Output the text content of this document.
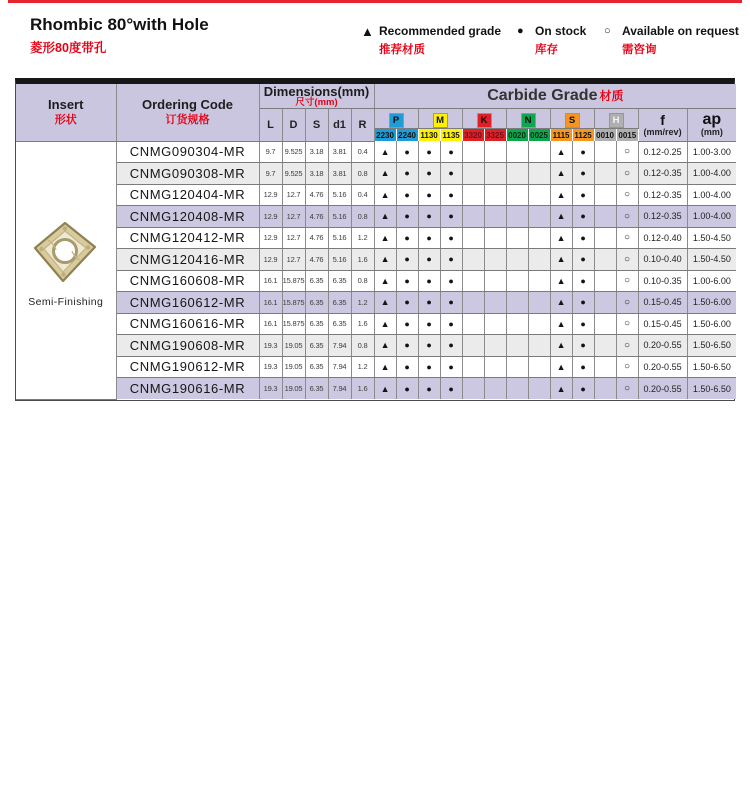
Rhombic 80°with Hole
菱形80度带孔
▲ Recommended grade
推荐材质
● On stock
库存
○ Available on request
需咨询
Insert
形状

Ordering Code
订货规格

Dimensions(mm)
尺寸(mm)	Carbide Grade 材质
L	D	S	d1	R	P	M	K	N	S	H	f
(mm/rev)

ap
(mm)

							2230	2240	1130	1135	3320	3325	0020	0025	1115	1125	0010	0015		

Semi-Finishing	CNMG090304-MR	9.7	9.525	3.18	3.81	0.4	▲	●	●	●					▲	●		○	0.12-0.25	1.00-3.00
	CNMG090308-MR	9.7	9.525	3.18	3.81	0.8	▲	●	●	●					▲	●		○	0.12-0.35	1.00-4.00
	CNMG120404-MR	12.9	12.7	4.76	5.16	0.4	▲	●	●	●					▲	●		○	0.12-0.35	1.00-4.00
	CNMG120408-MR	12.9	12.7	4.76	5.16	0.8	▲	●	●	●					▲	●		○	0.12-0.35	1.00-4.00
	CNMG120412-MR	12.9	12.7	4.76	5.16	1.2	▲	●	●	●					▲	●		○	0.12-0.40	1.50-4.50
	CNMG120416-MR	12.9	12.7	4.76	5.16	1.6	▲	●	●	●					▲	●		○	0.10-0.40	1.50-4.50
	CNMG160608-MR	16.1	15.875	6.35	6.35	0.8	▲	●	●	●					▲	●		○	0.10-0.35	1.00-6.00
	CNMG160612-MR	16.1	15.875	6.35	6.35	1.2	▲	●	●	●					▲	●		○	0.15-0.45	1.50-6.00
	CNMG160616-MR	16.1	15.875	6.35	6.35	1.6	▲	●	●	●					▲	●		○	0.15-0.45	1.50-6.00
	CNMG190608-MR	19.3	19.05	6.35	7.94	0.8	▲	●	●	●					▲	●		○	0.20-0.55	1.50-6.50
	CNMG190612-MR	19.3	19.05	6.35	7.94	1.2	▲	●	●	●					▲	●		○	0.20-0.55	1.50-6.50
	CNMG190616-MR	19.3	19.05	6.35	7.94	1.6	▲	●	●	●					▲	●		○	0.20-0.55	1.50-6.50
